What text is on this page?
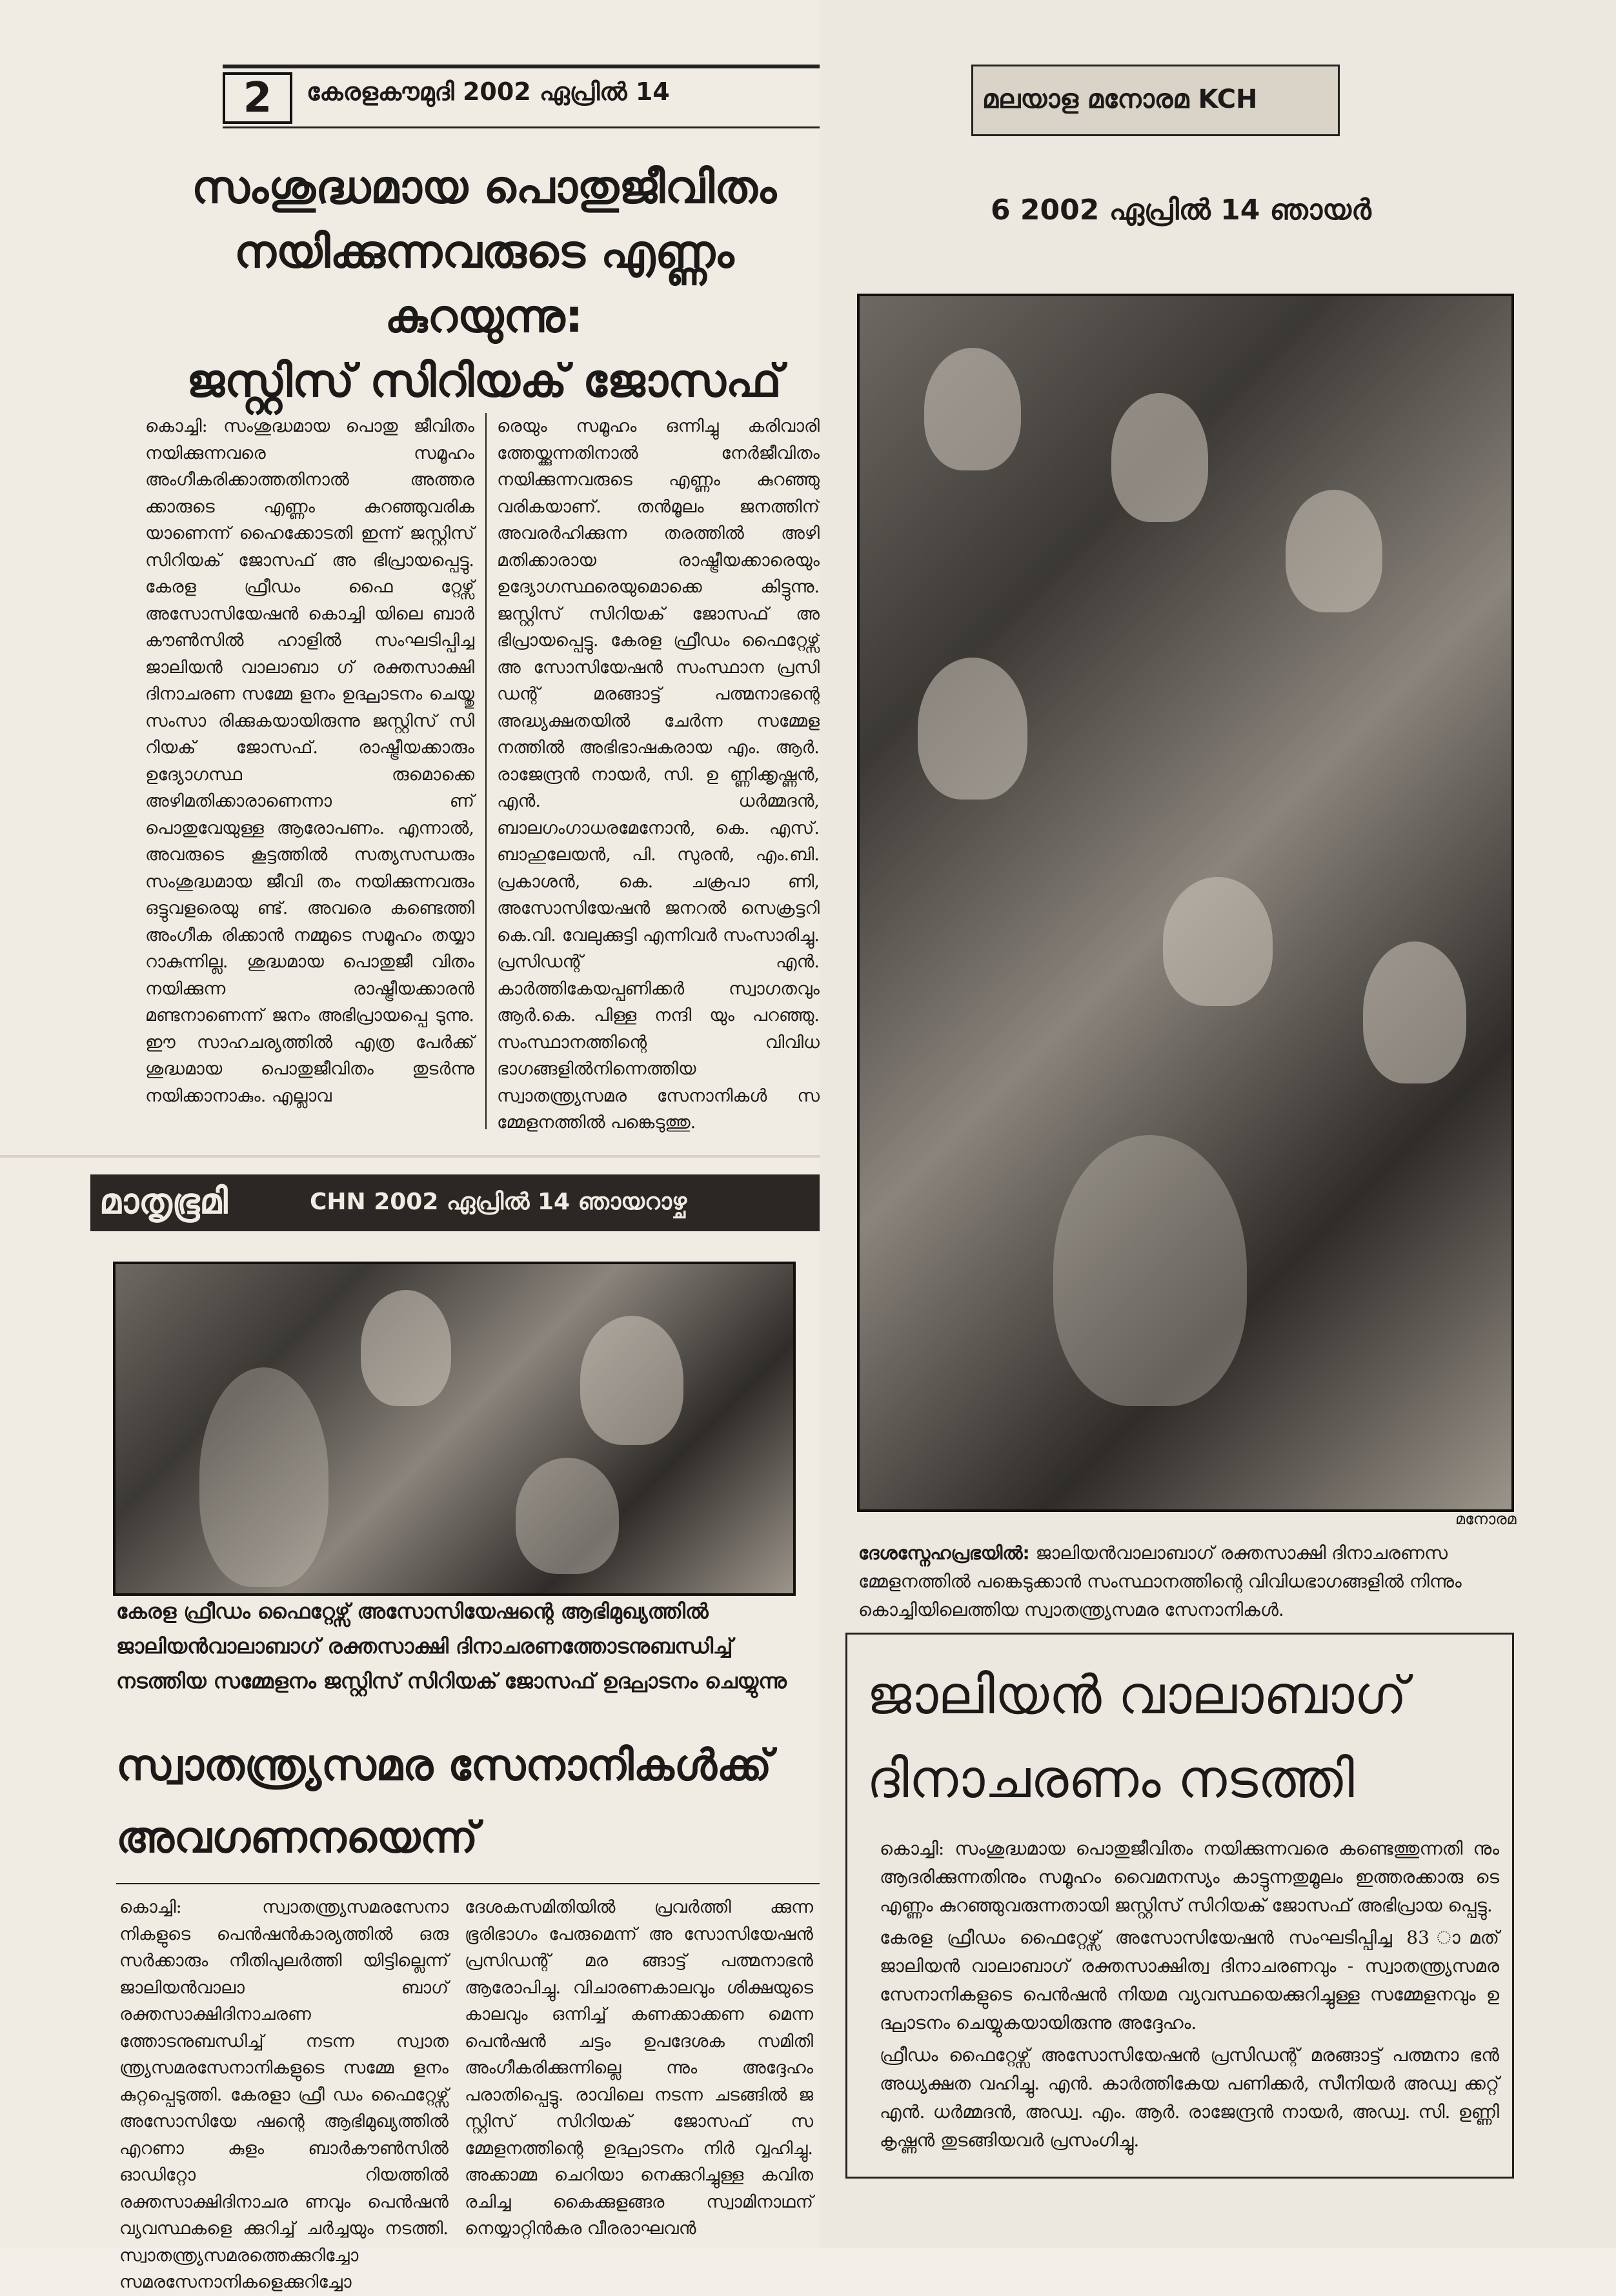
2	കേരളകൗമുദി 2002 ഏപ്രിൽ 14
സംശുദ്ധമായ പൊതുജീവിതം
നയിക്കുന്നവരുടെ എണ്ണം കുറയുന്നു:
ജസ്റ്റിസ് സിറിയക് ജോസഫ്
കൊച്ചി: സംശുദ്ധമായ പൊതു ജീവിതം നയിക്കുന്നവരെ സമൂഹം അംഗീകരിക്കാത്തതിനാൽ അത്തര ക്കാരുടെ എണ്ണം കുറഞ്ഞുവരിക യാണെന്ന് ഹൈക്കോടതി ഇന്ന് ജസ്റ്റിസ് സിറിയക് ജോസഫ് അ ഭിപ്രായപ്പെട്ടു. കേരള ഫ്രീഡം ഫൈ റ്റേഴ്സ് അസോസിയേഷൻ കൊച്ചി യിലെ ബാർ കൗൺസിൽ ഹാളിൽ സംഘടിപ്പിച്ച ജാലിയൻ വാലാബാ ഗ് രക്തസാക്ഷി ദിനാചരണ സമ്മേ ളനം ഉദ്ഘാടനം ചെയ്തു സംസാ രിക്കുകയായിരുന്നു ജസ്റ്റിസ് സി റിയക് ജോസഫ്. രാഷ്ട്രീയക്കാരും ഉദ്യോഗസ്ഥ രുമൊക്കെ അഴിമതിക്കാരാണെന്നാ ണ് പൊതുവേയുള്ള ആരോപണം. എന്നാൽ, അവരുടെ കൂട്ടത്തിൽ സത്യസന്ധരും സംശുദ്ധമായ ജീവി തം നയിക്കുന്നവരും ഒട്ടുവളരെയു ണ്ട്. അവരെ കണ്ടെത്തി അംഗീക രിക്കാൻ നമ്മുടെ സമൂഹം തയ്യാ റാകുന്നില്ല. ശുദ്ധമായ പൊതുജീ വിതം നയിക്കുന്ന രാഷ്ട്രീയക്കാരൻ മണ്ടനാണെന്ന് ജനം അഭിപ്രായപ്പെ ടുന്നു. ഈ സാഹചര്യത്തിൽ എത്ര പേർക്ക് ശുദ്ധമായ പൊതുജീവിതം തുടർന്നു നയിക്കാനാകും. എല്ലാവ
രെയും സമൂഹം ഒന്നിച്ചു കരിവാരി ത്തേയ്ക്കുന്നതിനാൽ നേർജീവിതം നയിക്കുന്നവരുടെ എണ്ണം കുറഞ്ഞു വരികയാണ്. തൻമൂലം ജനത്തിന് അവരർഹിക്കുന്ന തരത്തിൽ അഴി മതിക്കാരായ രാഷ്ട്രീയക്കാരെയും ഉദ്യോഗസ്ഥരെയുമൊക്കെ കിട്ടുന്നു. ജസ്റ്റിസ് സിറിയക് ജോസഫ് അ ഭിപ്രായപ്പെട്ടു. കേരള ഫ്രീഡം ഫൈറ്റേഴ്സ് അ സോസിയേഷൻ സംസ്ഥാന പ്രസി ഡന്റ് മരങ്ങാട്ട് പത്മനാഭന്റെ അദ്ധ്യക്ഷതയിൽ ചേർന്ന സമ്മേള നത്തിൽ അഭിഭാഷകരായ എം. ആർ. രാജേന്ദ്രൻ നായർ, സി. ഉ ണ്ണിക്കൃഷ്ണൻ, എൻ. ധർമ്മദൻ, ബാലഗംഗാധരമേനോൻ, കെ. എസ്. ബാഹുലേയൻ, പി. സുരൻ, എം.ബി. പ്രകാശൻ, കെ. ചക്രപാ ണി, അസോസിയേഷൻ ജനറൽ സെക്രട്ടറി കെ.വി. വേലുക്കുട്ടി എന്നിവർ സംസാരിച്ചു. പ്രസിഡന്റ് എൻ. കാർത്തികേയപ്പണിക്കർ സ്വാഗതവും ആർ.കെ. പിള്ള നന്ദി യും പറഞ്ഞു. സംസ്ഥാനത്തിന്റെ വിവിധ ഭാഗങ്ങളിൽനിന്നെത്തിയ സ്വാതന്ത്ര്യസമര സേനാനികൾ സ മ്മേളനത്തിൽ പങ്കെടുത്തു.
മാതൃഭൂമി	CHN 2002 ഏപ്രിൽ 14 ഞായറാഴ്ച
കേരള ഫ്രീഡം ഫൈറ്റേഴ്സ് അസോസിയേഷന്റെ ആഭിമുഖ്യത്തിൽ ജാലിയൻവാലാബാഗ് രക്തസാക്ഷി ദിനാചരണത്തോടനുബന്ധിച്ച് നടത്തിയ സമ്മേളനം ജസ്റ്റിസ് സിറിയക് ജോസഫ് ഉദ്ഘാടനം ചെയ്യുന്നു
സ്വാതന്ത്ര്യസമര സേനാനികൾക്ക്
അവഗണനയെന്ന്
കൊച്ചി: സ്വാതന്ത്ര്യസമരസേനാ നികളുടെ പെൻഷൻകാര്യത്തിൽ ഒരു സർക്കാരും നീതിപുലർത്തി യിട്ടില്ലെന്ന് ജാലിയൻവാലാ ബാഗ് രക്തസാക്ഷിദിനാചരണ ത്തോടനുബന്ധിച്ച് നടന്ന സ്വാത ന്ത്ര്യസമരസേനാനികളുടെ സമ്മേ ളനം കുറ്റപ്പെടുത്തി. കേരളാ ഫ്രീ ഡം ഫൈറ്റേഴ്സ് അസോസിയേ ഷന്റെ ആഭിമുഖ്യത്തിൽ എറണാ കുളം ബാർകൗൺസിൽ ഓഡിറ്റോ റിയത്തിൽ രക്തസാക്ഷിദിനാചര ണവും പെൻഷൻ വ്യവസ്ഥകളെ ക്കുറിച്ച് ചർച്ചയും നടത്തി. സ്വാതന്ത്ര്യസമരത്തെക്കുറിച്ചോ സമരസേനാനികളെക്കുറിച്ചോ
ദേശകസമിതിയിൽ പ്രവർത്തി ക്കുന്ന ഭൂരിഭാഗം പേരുമെന്ന് അ സോസിയേഷൻ പ്രസിഡന്റ് മര ങ്ങാട്ട് പത്മനാഭൻ ആരോപിച്ചു. വിചാരണകാലവും ശിക്ഷയുടെ കാലവും ഒന്നിച്ച് കണക്കാക്കണ മെന്ന പെൻഷൻ ചട്ടം ഉപദേശക സമിതി അംഗീകരിക്കുന്നില്ലെ ന്നും അദ്ദേഹം പരാതിപ്പെട്ടു. രാവിലെ നടന്ന ചടങ്ങിൽ ജ സ്റ്റിസ് സിറിയക് ജോസഫ് സ മ്മേളനത്തിന്റെ ഉദ്ഘാടനം നിർ വ്വഹിച്ചു. അക്കാമ്മ ചെറിയാ നെക്കുറിച്ചുള്ള കവിത രചിച്ച കൈക്കുളങ്ങര സ്വാമിനാഥന് നെയ്യാറ്റിൻകര വീരരാഘവൻ
മലയാള മനോരമ KCH
6 2002 ഏപ്രിൽ 14 ഞായർ
മനോരമ
ദേശസ്നേഹപ്രഭയിൽ: ജാലിയൻവാലാബാഗ് രക്തസാക്ഷി ദിനാചരണസ മ്മേളനത്തിൽ പങ്കെടുക്കാൻ സംസ്ഥാനത്തിന്റെ വിവിധഭാഗങ്ങളിൽ നിന്നും കൊച്ചിയിലെത്തിയ സ്വാതന്ത്ര്യസമര സേനാനികൾ.
ജാലിയൻ വാലാബാഗ്
ദിനാചരണം നടത്തി

കൊച്ചി: സംശുദ്ധമായ പൊതുജീവിതം നയിക്കുന്നവരെ കണ്ടെത്തുന്നതി നും ആദരിക്കുന്നതിനും സമൂഹം വൈമനസ്യം കാട്ടുന്നതുമൂലം ഇത്തരക്കാരു ടെ എണ്ണം കുറഞ്ഞുവരുന്നതായി ജസ്റ്റിസ് സിറിയക് ജോസഫ് അഭിപ്രായ പ്പെട്ടു.

കേരള ഫ്രീഡം ഫൈറ്റേഴ്സ് അസോസിയേഷൻ സംഘടിപ്പിച്ച 83 ാമത് ജാലിയൻ വാലാബാഗ് രക്തസാക്ഷിത്വ ദിനാചരണവും - സ്വാതന്ത്ര്യസമര സേനാനികളുടെ പെൻഷൻ നിയമ വ്യവസ്ഥയെക്കുറിച്ചുള്ള സമ്മേളനവും ഉ ദ്ഘാടനം ചെയ്യുകയായിരുന്നു അദ്ദേഹം.

ഫ്രീഡം ഫൈറ്റേഴ്സ് അസോസിയേഷൻ പ്രസിഡന്റ് മരങ്ങാട്ട് പത്മനാ ഭൻ അധ്യക്ഷത വഹിച്ചു. എൻ. കാർത്തികേയ പണിക്കർ, സീനിയർ അഡ്വ ക്കറ്റ് എൻ. ധർമ്മദൻ, അഡ്വ. എം. ആർ. രാജേന്ദ്രൻ നായർ, അഡ്വ. സി. ഉണ്ണി കൃഷ്ണൻ തുടങ്ങിയവർ പ്രസംഗിച്ചു.
